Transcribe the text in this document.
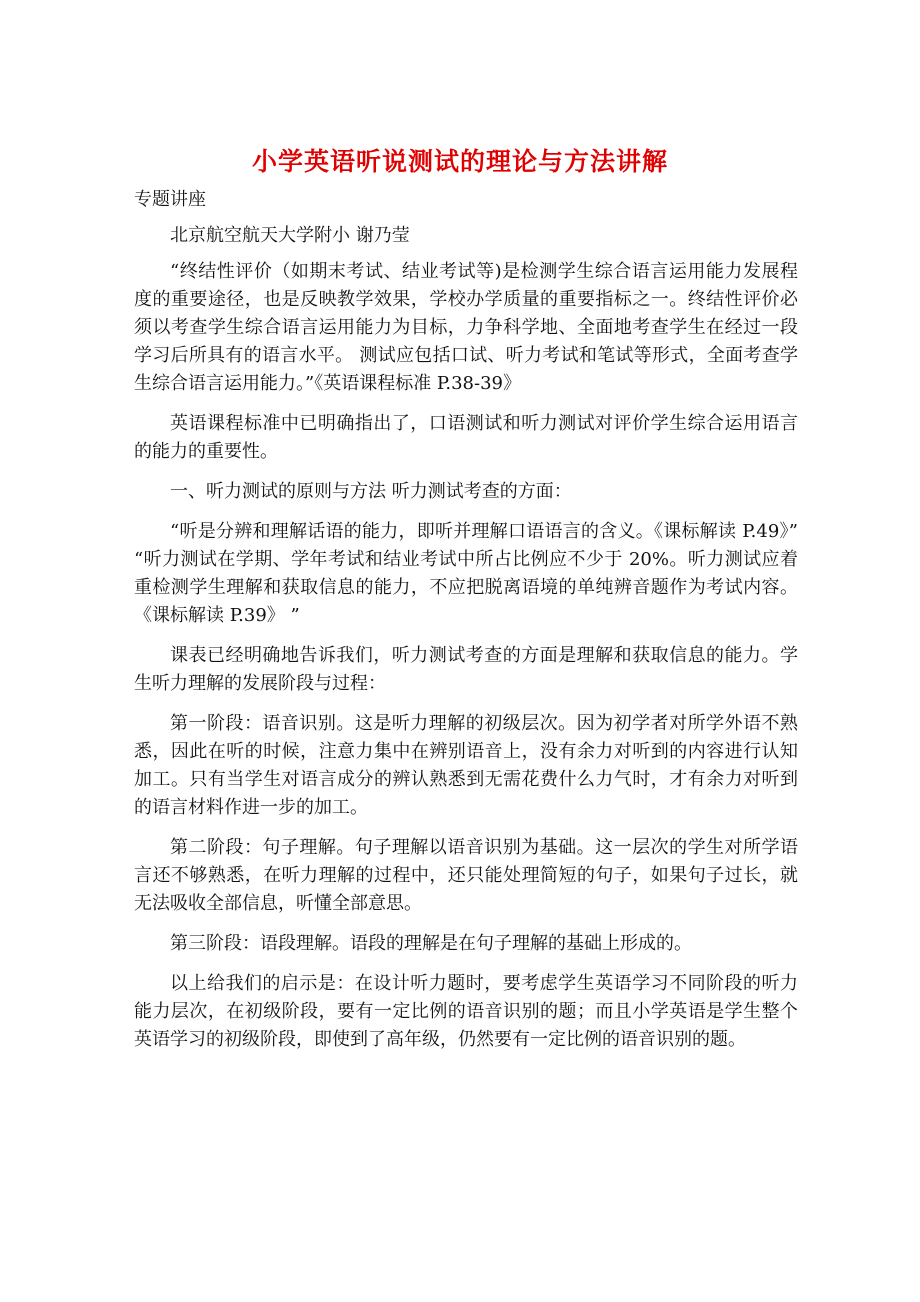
小学英语听说测试的理论与方法讲解

专题讲座

北京航空航天大学附小 谢乃莹

“终结性评价（如期末考试、结业考试等)是检测学生综合语言运用能力发展程度的重要途径，也是反映教学效果，学校办学质量的重要指标之一。终结性评价必须以考查学生综合语言运用能力为目标，力争科学地、全面地考查学生在经过一段学习后所具有的语言水平。 测试应包括口试、听力考试和笔试等形式，全面考查学生综合语言运用能力。”《英语课程标准 P.38-39》

英语课程标准中已明确指出了，口语测试和听力测试对评价学生综合运用语言的能力的重要性。

一、听力测试的原则与方法 听力测试考查的方面：

“听是分辨和理解话语的能力，即听并理解口语语言的含义。《课标解读 P.49》” “听力测试在学期、学年考试和结业考试中所占比例应不少于 20%。听力测试应着重检测学生理解和获取信息的能力，不应把脱离语境的单纯辨音题作为考试内容。《课标解读 P.39》 ”

课表已经明确地告诉我们，听力测试考查的方面是理解和获取信息的能力。学生听力理解的发展阶段与过程：

第一阶段：语音识别。这是听力理解的初级层次。因为初学者对所学外语不熟悉，因此在听的时候，注意力集中在辨别语音上，没有余力对听到的内容进行认知加工。只有当学生对语言成分的辨认熟悉到无需花费什么力气时，才有余力对听到的语言材料作进一步的加工。

第二阶段：句子理解。句子理解以语音识别为基础。这一层次的学生对所学语言还不够熟悉，在听力理解的过程中，还只能处理简短的句子，如果句子过长，就无法吸收全部信息，听懂全部意思。

第三阶段：语段理解。语段的理解是在句子理解的基础上形成的。

以上给我们的启示是：在设计听力题时，要考虑学生英语学习不同阶段的听力能力层次，在初级阶段，要有一定比例的语音识别的题；而且小学英语是学生整个英语学习的初级阶段，即使到了高年级，仍然要有一定比例的语音识别的题。
